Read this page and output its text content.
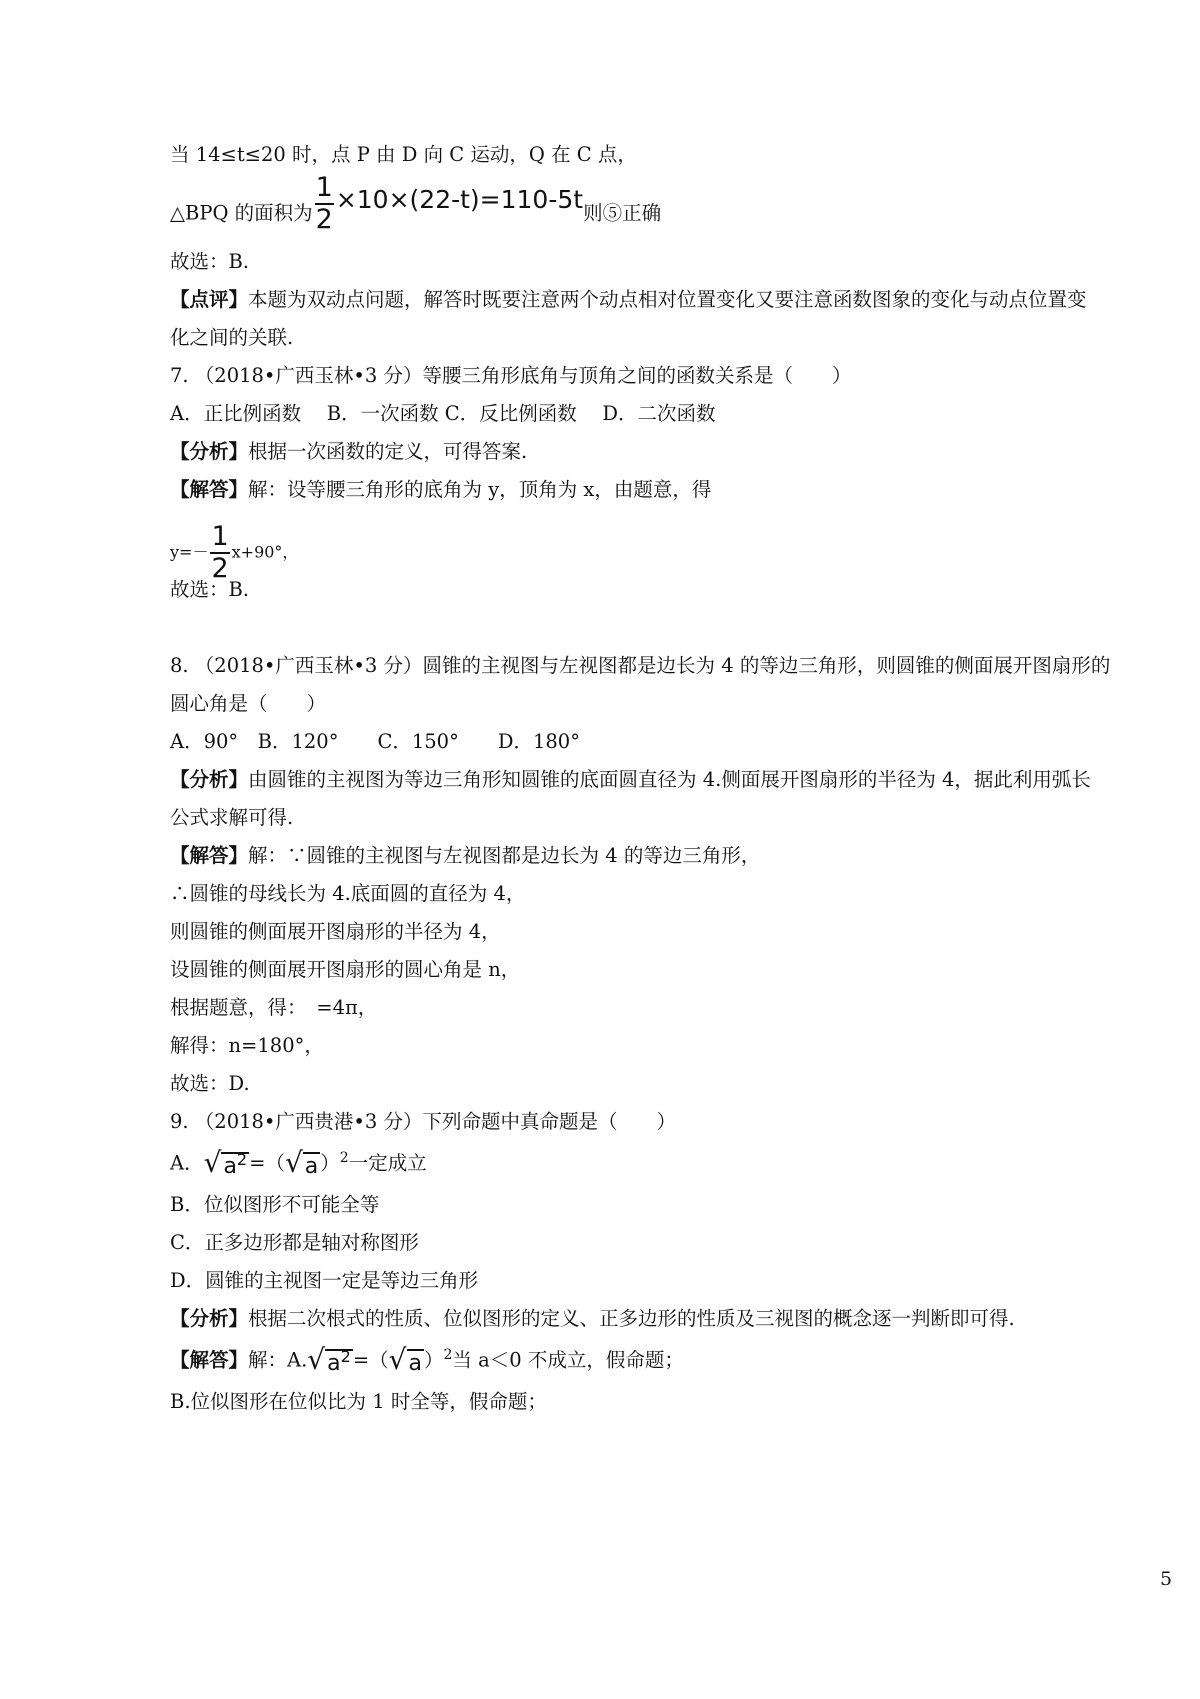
当 14≤t≤20 时，点 P 由 D 向 C 运动，Q 在 C 点，
△BPQ 的面积为 $\frac{1}{2} \times 10\times(22-t)=110-5t$则⑤正确
故选：B.
【点评】本题为双动点问题，解答时既要注意两个动点相对位置变化又要注意函数图象的变化与动点位置变
化之间的关联.
7. （2018•广西玉林•3 分）等腰三角形底角与顶角之间的函数关系是（　　）
A．正比例函数　 B．一次函数 C．反比例函数　 D．二次函数
【分析】根据一次函数的定义，可得答案.
【解答】解：设等腰三角形的底角为 y，顶角为 x，由题意，得
$y=- \frac{1}{2} x+90^\circ$，
故选：B.
8. （2018•广西玉林•3 分）圆锥的主视图与左视图都是边长为 4 的等边三角形，则圆锥的侧面展开图扇形的
圆心角是（　　）
A．90°　B．120°　　C．150°　　D．180°
【分析】由圆锥的主视图为等边三角形知圆锥的底面圆直径为 4.侧面展开图扇形的半径为 4，据此利用弧长
公式求解可得.
【解答】解：∵圆锥的主视图与左视图都是边长为 4 的等边三角形，
∴圆锥的母线长为 4.底面圆的直径为 4，
则圆锥的侧面展开图扇形的半径为 4，
设圆锥的侧面展开图扇形的圆心角是 n，
根据题意，得：　=4π，
解得：n=180°，
故选：D.
9. （2018•广西贵港•3 分）下列命题中真命题是（　　）
A． √ $a^2$ =（ √ a ）$^2$一定成立
B．位似图形不可能全等
C．正多边形都是轴对称图形
D．圆锥的主视图一定是等边三角形
【分析】根据二次根式的性质、位似图形的定义、正多边形的性质及三视图的概念逐一判断即可得.
【解答】解：A. √ $a^2$ =（ √ a ）$^2$当 a＜0 不成立，假命题；
B.位似图形在位似比为 1 时全等，假命题；
5
